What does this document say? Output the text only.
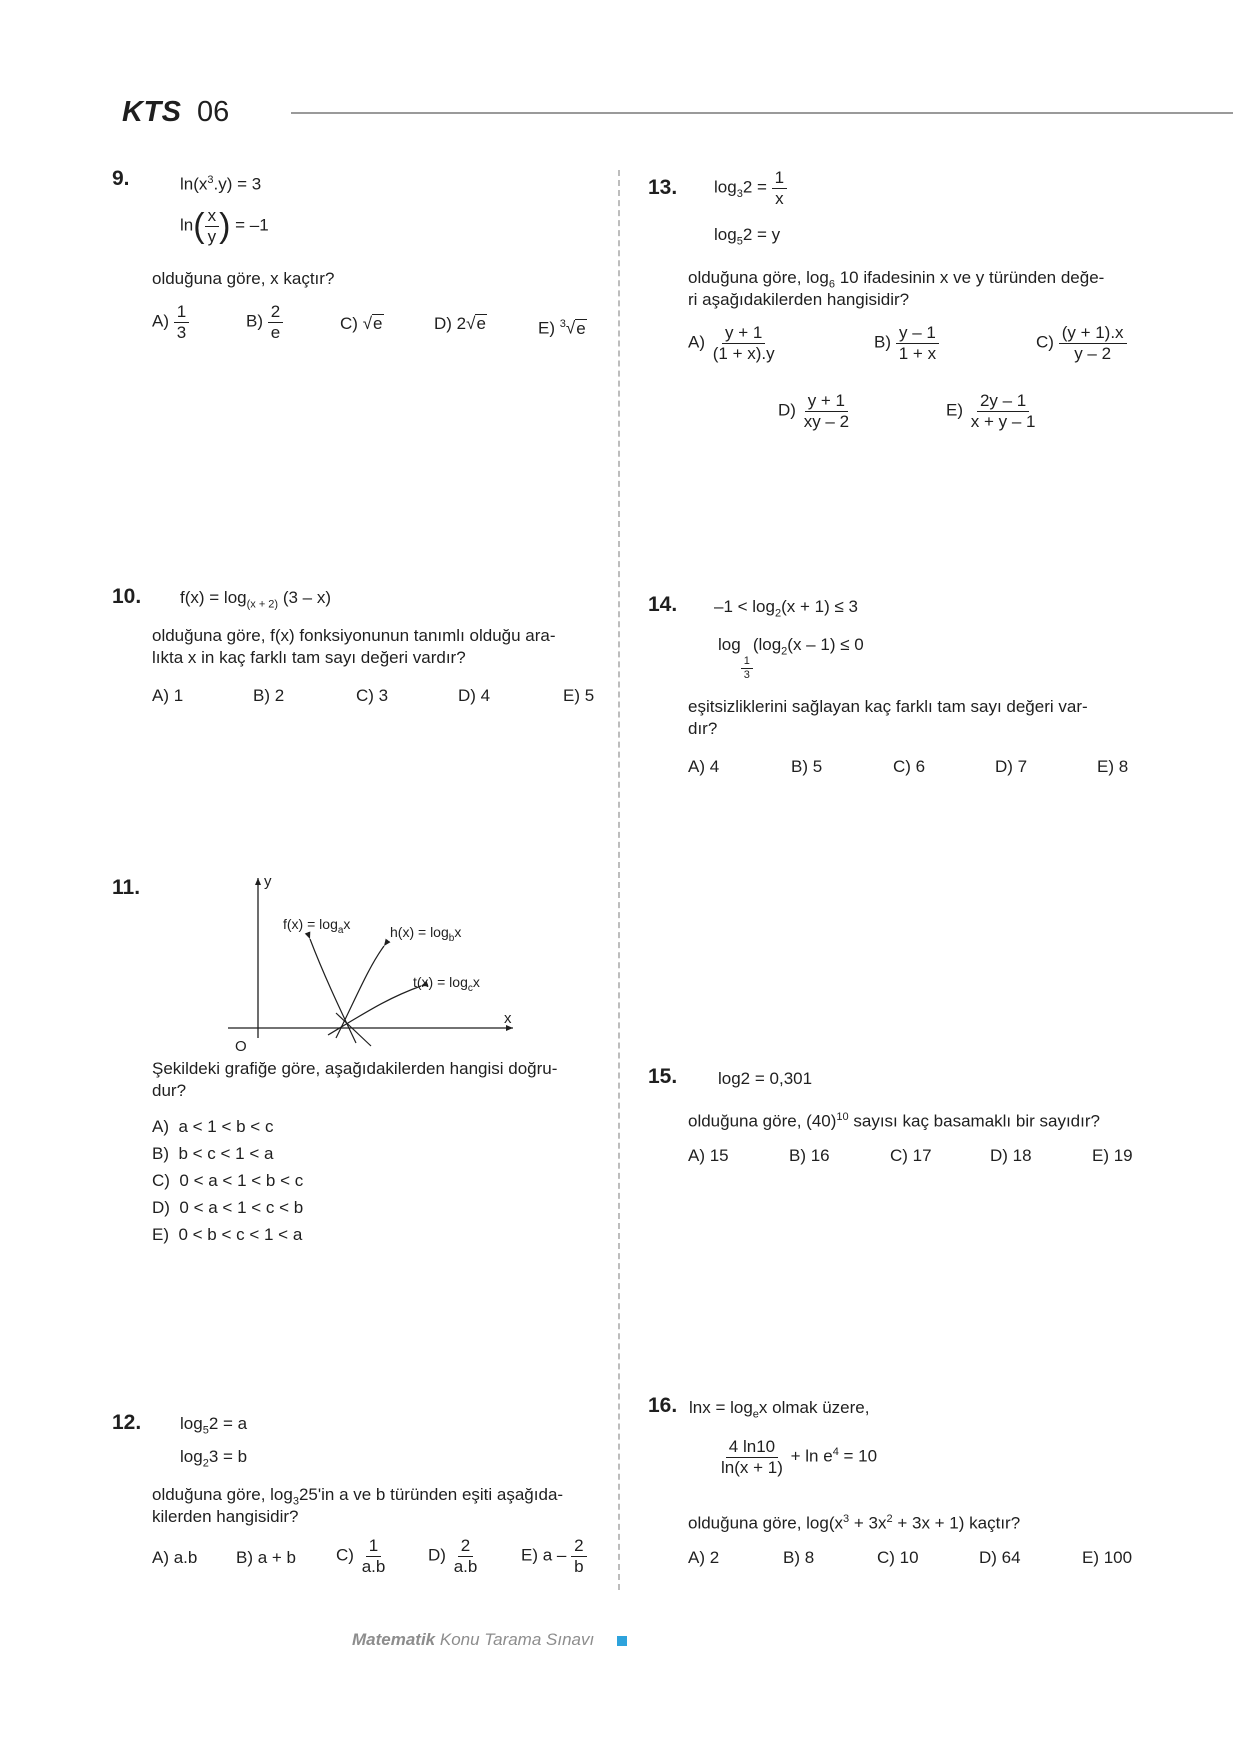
KTS 06
9.	$\ln(x^3.y) = 3$
$\ln( \frac{x}{y}$ ) = –1
olduğuna göre, x kaçtır?
$A) \frac{1}{3}$	$B) \frac{2}{e}$	C) √e	D) 2√e	E) $^3$√e
10. $f(x) = \log_{(x + 2)} (3 - x)$
olduğuna göre, f(x) fonksiyonunun tanımlı olduğu ara-
lıkta x in kaç farklı tam sayı değeri vardır?
A) 1	B) 2	C) 3	D) 4	E) 5
11.	y
x
O
$f(x) = \log_ax$	$h(x) = \log_bx$
$t(x) = \log_cx$
Şekildeki grafiğe göre, aşağıdakilerden hangisi doğru-
dur?
A) a < 1 < b < c
B) b < c < 1 < a
C) 0 < a < 1 < b < c
D) 0 < a < 1 < c < b
E) 0 < b < c < 1 < a
12. $\log_52 = a$
$\log_23 = b$
olduğuna göre, $\log_325'in$ a ve b türünden eşiti aşağıda-
kilerden hangisidir?
A) a.b B) a + b $C) \frac{1}{a.b} D) \frac{2}{a.b} E$) a – $\frac{2}{b}$
13. $\log_32 = \frac{1}{x}$
$\log_52 = y$
olduğuna göre, $\log_6 10$ ifadesinin x ve y türünden değe-
ri aşağıdakilerden hangisidir?
$A) \frac{y + 1}{(1 + x).y}$	$B) \frac{y - 1}{1 + x}$	$C) \frac{(y + 1).x}{y - 2}$
$D) \frac{y + 1}{xy - 2}$	$E) \frac{2y - 1}{x + y - 1}$
14. $-1 < \log_2(x + 1) \le 3$
log
$\frac{1}{3}$
($\log_2(x - 1) \le 0$
eşitsizliklerini sağlayan kaç farklı tam sayı değeri var-
dır?
A) 4	B) 5	C) 6	D) 7	E) 8
15. log2 = 0,301
olduğuna göre, $(40)^{10}$ sayısı kaç basamaklı bir sayıdır?
A) 15	B) 16	C) 17	D) 18	E) 19
16. $\ln x = \log_ex$ olmak üzere,
$\frac{4 \ln 10}{\ln(x + 1)} + \ln e^4 = 10$
olduğuna göre, $\log(x^3 + 3x^2 + 3x + 1)$ kaçtır?
A) 2	B) 8	C) 10	D) 64	E) 100
Matematik Konu Tarama Sınavı
